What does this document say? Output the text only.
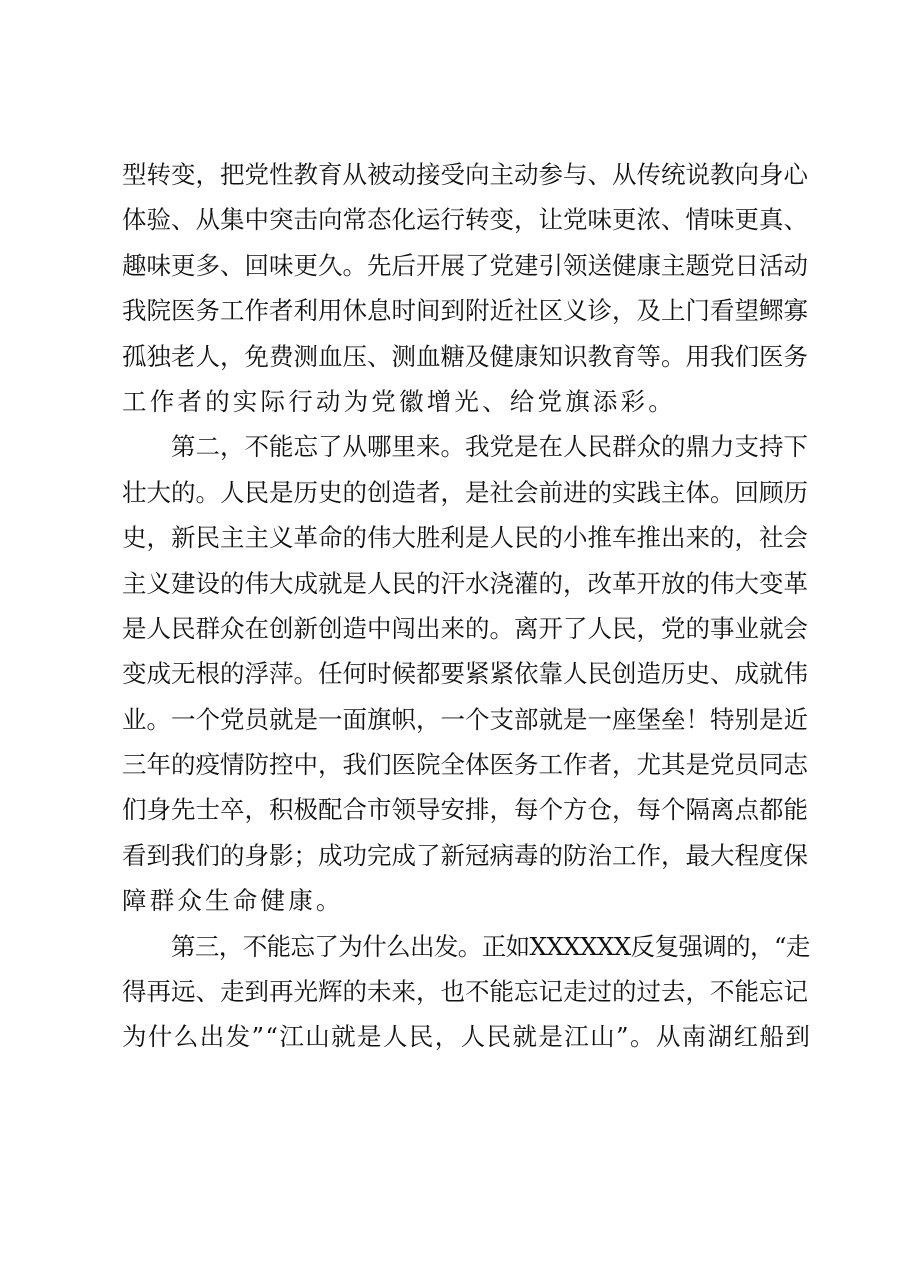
型转变，把党性教育从被动接受向主动参与、从传统说教向身心
体验、从集中突击向常态化运行转变，让党味更浓、情味更真、
趣味更多、回味更久。先后开展了党建引领送健康主题党日活动
我院医务工作者利用休息时间到附近社区义诊，及上门看望鳏寡
孤独老人，免费测血压、测血糖及健康知识教育等。用我们医务
工作者的实际行动为党徽增光、给党旗添彩。
第二，不能忘了从哪里来。我党是在人民群众的鼎力支持下
壮大的。人民是历史的创造者，是社会前进的实践主体。回顾历
史，新民主主义革命的伟大胜利是人民的小推车推出来的，社会
主义建设的伟大成就是人民的汗水浇灌的，改革开放的伟大变革
是人民群众在创新创造中闯出来的。离开了人民，党的事业就会
变成无根的浮萍。任何时候都要紧紧依靠人民创造历史、成就伟
业。一个党员就是一面旗帜，一个支部就是一座堡垒！特别是近
三年的疫情防控中，我们医院全体医务工作者，尤其是党员同志
们身先士卒，积极配合市领导安排，每个方仓，每个隔离点都能
看到我们的身影；成功完成了新冠病毒的防治工作，最大程度保
障群众生命健康。
第三，不能忘了为什么出发。正如XXXXXX反复强调的，“走
得再远、走到再光辉的未来，也不能忘记走过的过去，不能忘记
为什么出发”“江山就是人民，人民就是江山”。从南湖红船到
